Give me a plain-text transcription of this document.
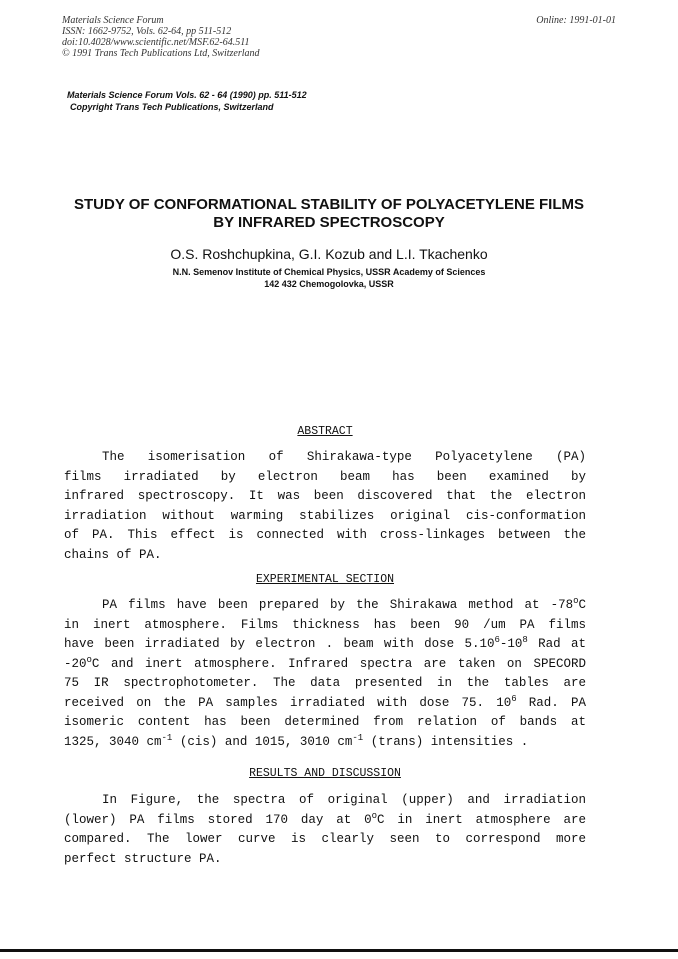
Materials Science Forum
ISSN: 1662-9752, Vols. 62-64, pp 511-512
doi:10.4028/www.scientific.net/MSF.62-64.511
© 1991 Trans Tech Publications Ltd, Switzerland
Online: 1991-01-01
Materials Science Forum Vols. 62 - 64 (1990) pp. 511-512
Copyright Trans Tech Publications, Switzerland
STUDY OF CONFORMATIONAL STABILITY OF POLYACETYLENE FILMS
BY INFRARED SPECTROSCOPY
O.S. Roshchupkina, G.I. Kozub and L.I. Tkachenko
N.N. Semenov Institute of Chemical Physics, USSR Academy of Sciences
142 432 Chemogolovka, USSR
ABSTRACT
The isomerisation of Shirakawa-type Polyacetylene (PA)
films irradiated by electron beam has been examined by
infrared spectroscopy. It was been discovered that the electron
irradiation without warming stabilizes original cis-conformation
of PA. This effect is connected with cross-linkages between the
chains of PA.
EXPERIMENTAL SECTION
PA films have been prepared by the Shirakawa method at -78$^o$C
in inert atmosphere. Films thickness has been 90 /um PA films
have been irradiated by electron . beam with dose $5.10^6-10^8$ Rad at
-20$^o$C and inert atmosphere. Infrared spectra are taken on SPECORD
75 IR spectrophotometer. The data presented in the tables are
received on the PA samples irradiated with dose 75. $10^6$ Rad. PA
isomeric content has been determined from relation of bands at
1325, 3040 $cm^{-1}$ (cis) and 1015, 3010 $cm^{-1}$ (trans) intensities .
RESULTS AND DISCUSSION
In Figure, the spectra of original (upper) and irradiation
(lower) PA films stored 170 day at 0$^o$C in inert atmosphere are
compared. The lower curve is clearly seen to correspond more
perfect structure PA.
